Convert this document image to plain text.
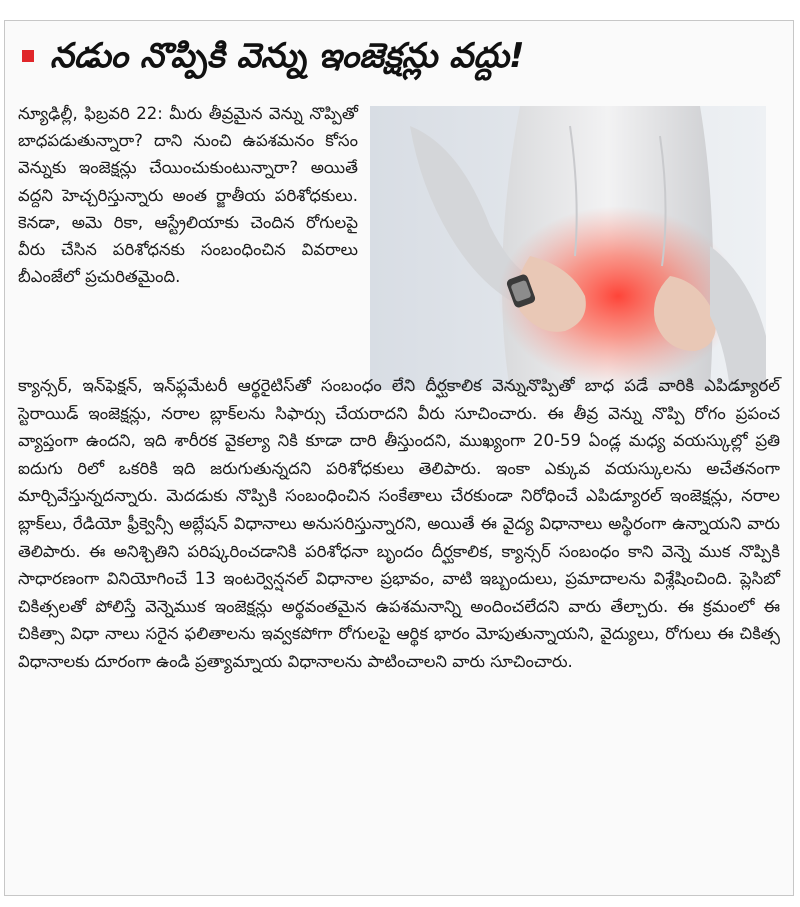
నడుం నొప్పికి వెన్ను ఇంజెక్షన్లు వద్దు!

న్యూఢిల్లీ, ఫిబ్రవరి 22: మీరు తీవ్రమైన వెన్ను నొప్పితో బాధపడుతున్నారా? దాని నుంచి ఉపశమనం కోసం వెన్నుకు ఇంజెక్షన్లు చేయించుకుంటున్నారా? అయితే వద్దని హెచ్చరిస్తున్నారు అంత ర్జాతీయ పరిశోధకులు. కెనడా, అమె రికా, ఆస్ట్రేలియాకు చెందిన రోగులపై వీరు చేసిన పరిశోధనకు సంబంధించిన వివరాలు బీఎంజేలో ప్రచురితమైంది.

క్యాన్సర్, ఇన్‌ఫెక్షన్, ఇన్‌ఫ్లమేటరీ ఆర్థరైటిస్‌తో సంబంధం లేని దీర్ఘకాలిక వెన్నునొప్పితో బాధ పడే వారికి ఎపిడ్యూరల్ స్టెరాయిడ్ ఇంజెక్షన్లు, నరాల బ్లాక్‌లను సిఫార్సు చేయరాదని వీరు సూచించారు. ఈ తీవ్ర వెన్ను నొప్పి రోగం ప్రపంచ వ్యాప్తంగా ఉందని, ఇది శారీరక వైకల్యా నికి కూడా దారి తీస్తుందని, ముఖ్యంగా 20-59 ఏండ్ల మధ్య వయస్కుల్లో ప్రతి ఐదుగు రిలో ఒకరికి ఇది జరుగుతున్నదని పరిశోధకులు తెలిపారు. ఇంకా ఎక్కువ వయస్కులను అచేతనంగా మార్చివేస్తున్నదన్నారు. మెదడుకు నొప్పికి సంబంధించిన సంకేతాలు చేరకుండా నిరోధించే ఎపిడ్యూరల్ ఇంజెక్షన్లు, నరాల బ్లాక్‌లు, రేడియో ఫ్రీక్వెన్సీ అబ్లేషన్ విధానాలు అనుసరిస్తున్నారని, అయితే ఈ వైద్య విధానాలు అస్థిరంగా ఉన్నాయని వారు తెలిపారు. ఈ అనిశ్చితిని పరిష్కరించడానికి పరిశోధనా బృందం దీర్ఘకాలిక, క్యాన్సర్ సంబంధం కాని వెన్నె ముక నొప్పికి సాధారణంగా వినియోగించే 13 ఇంటర్వెన్షనల్ విధానాల ప్రభావం, వాటి ఇబ్బందులు, ప్రమాదాలను విశ్లేషించింది. ప్లెసిబో చికిత్సలతో పోలిస్తే వెన్నెముక ఇంజెక్షన్లు అర్థవంతమైన ఉపశమనాన్ని అందించలేదని వారు తేల్చారు. ఈ క్రమంలో ఈ చికిత్సా విధా నాలు సరైన ఫలితాలను ఇవ్వకపోగా రోగులపై ఆర్థిక భారం మోపుతున్నాయని, వైద్యులు, రోగులు ఈ చికిత్స విధానాలకు దూరంగా ఉండి ప్రత్యామ్నాయ విధానాలను పాటించాలని వారు సూచించారు.
